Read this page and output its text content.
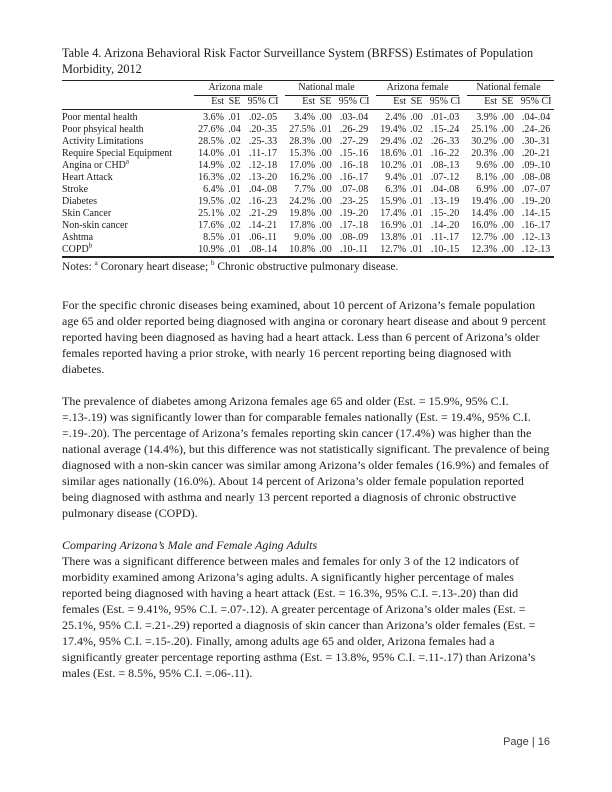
Table 4. Arizona Behavioral Risk Factor Surveillance System (BRFSS) Estimates of Population
Morbidity, 2012

	Arizona male			National male			Arizona female			National female		

	Est	SE	95% CI	Est	SE	95% CI	Est	SE	95% CI	Est	SE	95% CI
Poor mental health	3.6%	.01	.02-.05	3.4%	.00	.03-.04	2.4%	.00	.01-.03	3.9%	.00	.04-.04
Poor phsyical health	27.6%	.04	.20-.35	27.5%	.01	.26-.29	19.4%	.02	.15-.24	25.1%	.00	.24-.26
Activity Limitations	28.5%	.02	.25-.33	28.3%	.00	.27-.29	29.4%	.02	.26-.33	30.2%	.00	.30-.31
Require Special Equipment	14.0%	.01	.11-.17	15.3%	.00	.15-.16	18.6%	.01	.16-.22	20.3%	.00	.20-.21
Angina or CHD$^a$	14.9%	.02	.12-.18	17.0%	.00	.16-.18	10.2%	.01	.08-.13	9.6%	.00	.09-.10
Heart Attack	16.3%	.02	.13-.20	16.2%	.00	.16-.17	9.4%	.01	.07-.12	8.1%	.00	.08-.08
Stroke	6.4%	.01	.04-.08	7.7%	.00	.07-.08	6.3%	.01	.04-.08	6.9%	.00	.07-.07
Diabetes	19.5%	.02	.16-.23	24.2%	.00	.23-.25	15.9%	.01	.13-.19	19.4%	.00	.19-.20
Skin Cancer	25.1%	.02	.21-.29	19.8%	.00	.19-.20	17.4%	.01	.15-.20	14.4%	.00	.14-.15
Non-skin cancer	17.6%	.02	.14-.21	17.8%	.00	.17-.18	16.9%	.01	.14-.20	16.0%	.00	.16-.17
Ashtma	8.5%	.01	.06-.11	9.0%	.00	.08-.09	13.8%	.01	.11-.17	12.7%	.00	.12-.13
COPD$^b$	10.9%	.01	.08-.14	10.8%	.00	.10-.11	12.7%	.01	.10-.15	12.3%	.00	.12-.13

Notes: $^a$ Coronary heart disease; $^b$ Chronic obstructive pulmonary disease.

For the specific chronic diseases being examined, about 10 percent of Arizona’s female population age 65 and older reported being diagnosed with angina or coronary heart disease and about 9 percent reported having been diagnosed as having had a heart attack. Less than 6 percent of Arizona’s older females reported having a prior stroke, with nearly 16 percent reporting being diagnosed with diabetes.

The prevalence of diabetes among Arizona females age 65 and older (Est. = 15.9%, 95% C.I. =.13-.19) was significantly lower than for comparable females nationally (Est. = 19.4%, 95% C.I. =.19-.20). The percentage of Arizona’s females reporting skin cancer (17.4%) was higher than the national average (14.4%), but this difference was not statistically significant. The prevalence of being diagnosed with a non-skin cancer was similar among Arizona’s older females (16.9%) and females of similar ages nationally (16.0%). About 14 percent of Arizona’s older female population reported being diagnosed with asthma and nearly 13 percent reported a diagnosis of chronic obstructive pulmonary disease (COPD).

Comparing Arizona’s Male and Female Aging Adults

There was a significant difference between males and females for only 3 of the 12 indicators of morbidity examined among Arizona’s aging adults. A significantly higher percentage of males reported being diagnosed with having a heart attack (Est. = 16.3%, 95% C.I. =.13-.20) than did females (Est. = 9.41%, 95% C.I. =.07-.12). A greater percentage of Arizona’s older males (Est. = 25.1%, 95% C.I. =.21-.29) reported a diagnosis of skin cancer than Arizona’s older females (Est. = 17.4%, 95% C.I. =.15-.20). Finally, among adults age 65 and older, Arizona females had a significantly greater percentage reporting asthma (Est. = 13.8%, 95% C.I. =.11-.17) than Arizona’s males (Est. = 8.5%, 95% C.I. =.06-.11).

Page | 16
